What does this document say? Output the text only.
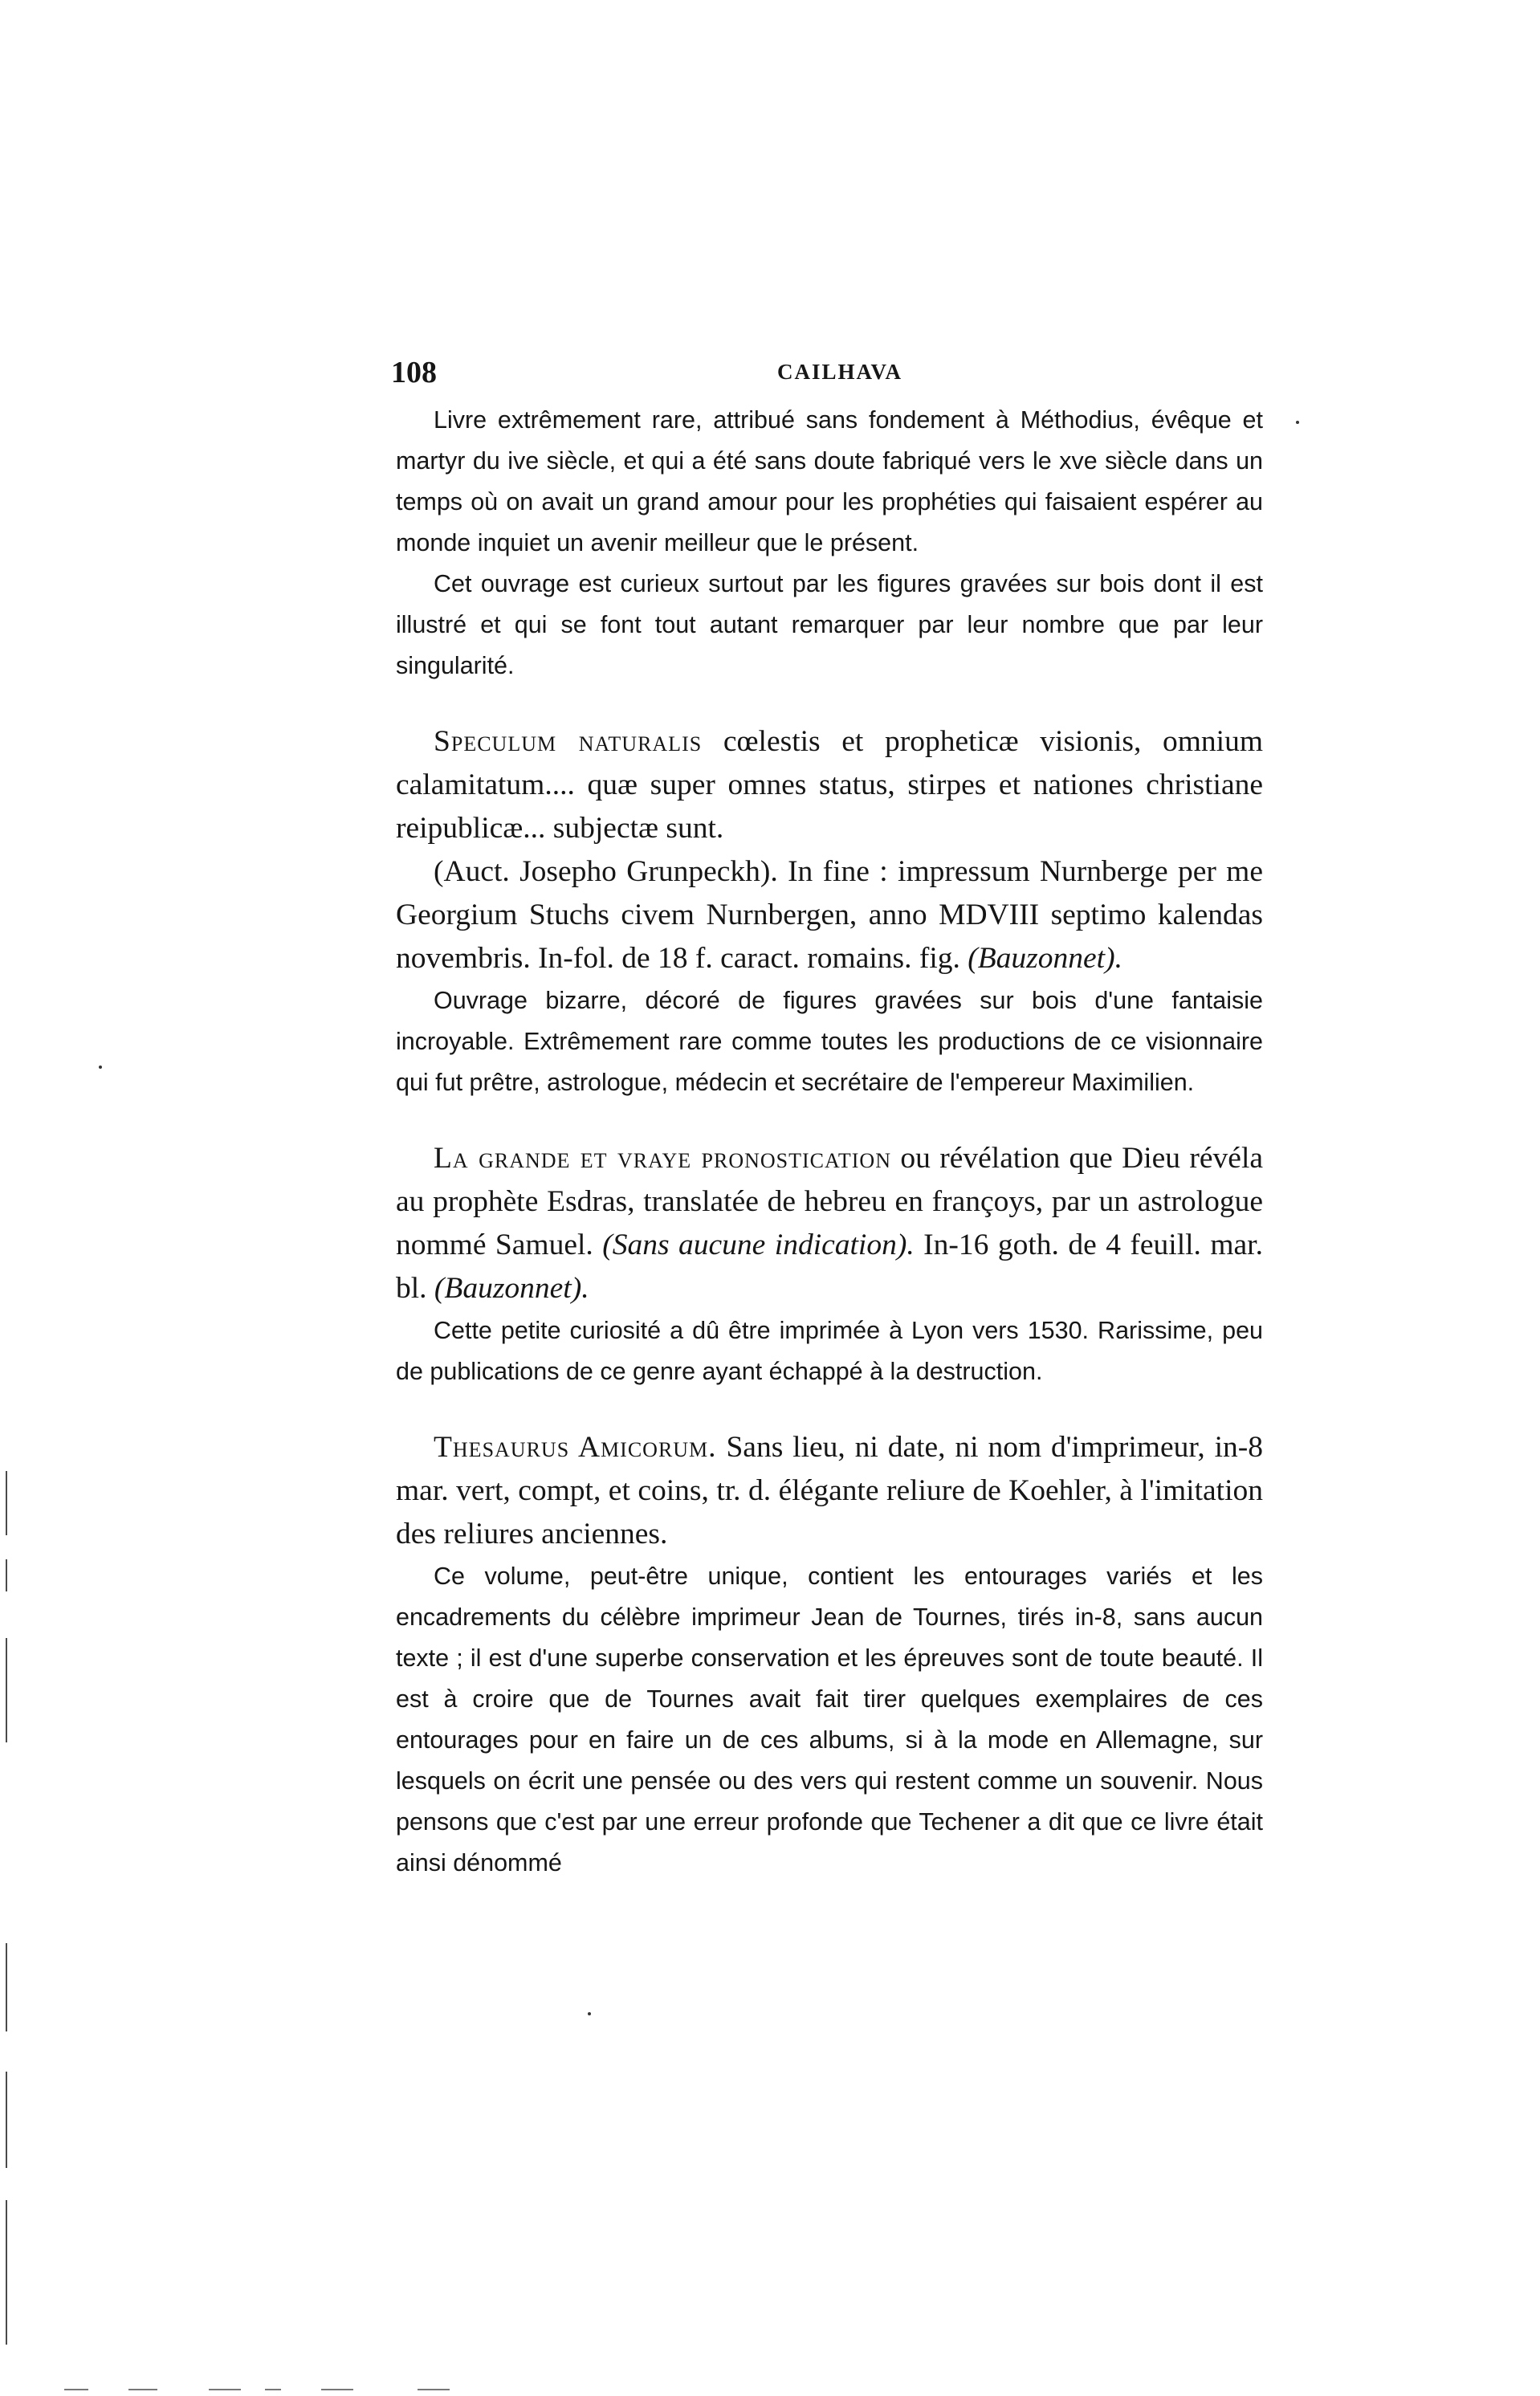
108	CAILHAVA

Livre extrêmement rare, attribué sans fondement à Méthodius, évêque et martyr du ive siècle, et qui a été sans doute fabriqué vers le xve siècle dans un temps où on avait un grand amour pour les prophéties qui faisaient espérer au monde inquiet un avenir meilleur que le présent.

Cet ouvrage est curieux surtout par les figures gravées sur bois dont il est illustré et qui se font tout autant remarquer par leur nombre que par leur singularité.

Speculum naturalis cœlestis et propheticæ visionis, omnium calamitatum.... quæ super omnes status, stirpes et nationes christiane reipublicæ... subjectæ sunt.

(Auct. Josepho Grunpeckh). In fine : impressum Nurnberge per me Georgium Stuchs civem Nurnbergen, anno MDVIII septimo kalendas novembris. In-fol. de 18 f. caract. romains. fig. (Bauzonnet).

Ouvrage bizarre, décoré de figures gravées sur bois d'une fantaisie incroyable. Extrêmement rare comme toutes les productions de ce visionnaire qui fut prêtre, astrologue, médecin et secrétaire de l'empereur Maximilien.

La grande et vraye pronostication ou révélation que Dieu révéla au prophète Esdras, translatée de hebreu en françoys, par un astrologue nommé Samuel. (Sans aucune indication). In-16 goth. de 4 feuill. mar. bl. (Bauzonnet).

Cette petite curiosité a dû être imprimée à Lyon vers 1530. Rarissime, peu de publications de ce genre ayant échappé à la destruction.

Thesaurus Amicorum. Sans lieu, ni date, ni nom d'imprimeur, in-8 mar. vert, compt, et coins, tr. d. élégante reliure de Koehler, à l'imitation des reliures anciennes.

Ce volume, peut-être unique, contient les entourages variés et les encadrements du célèbre imprimeur Jean de Tournes, tirés in-8, sans aucun texte ; il est d'une superbe conservation et les épreuves sont de toute beauté. Il est à croire que de Tournes avait fait tirer quelques exemplaires de ces entourages pour en faire un de ces albums, si à la mode en Allemagne, sur lesquels on écrit une pensée ou des vers qui restent comme un souvenir. Nous pensons que c'est par une erreur profonde que Techener a dit que ce livre était ainsi dénommé
